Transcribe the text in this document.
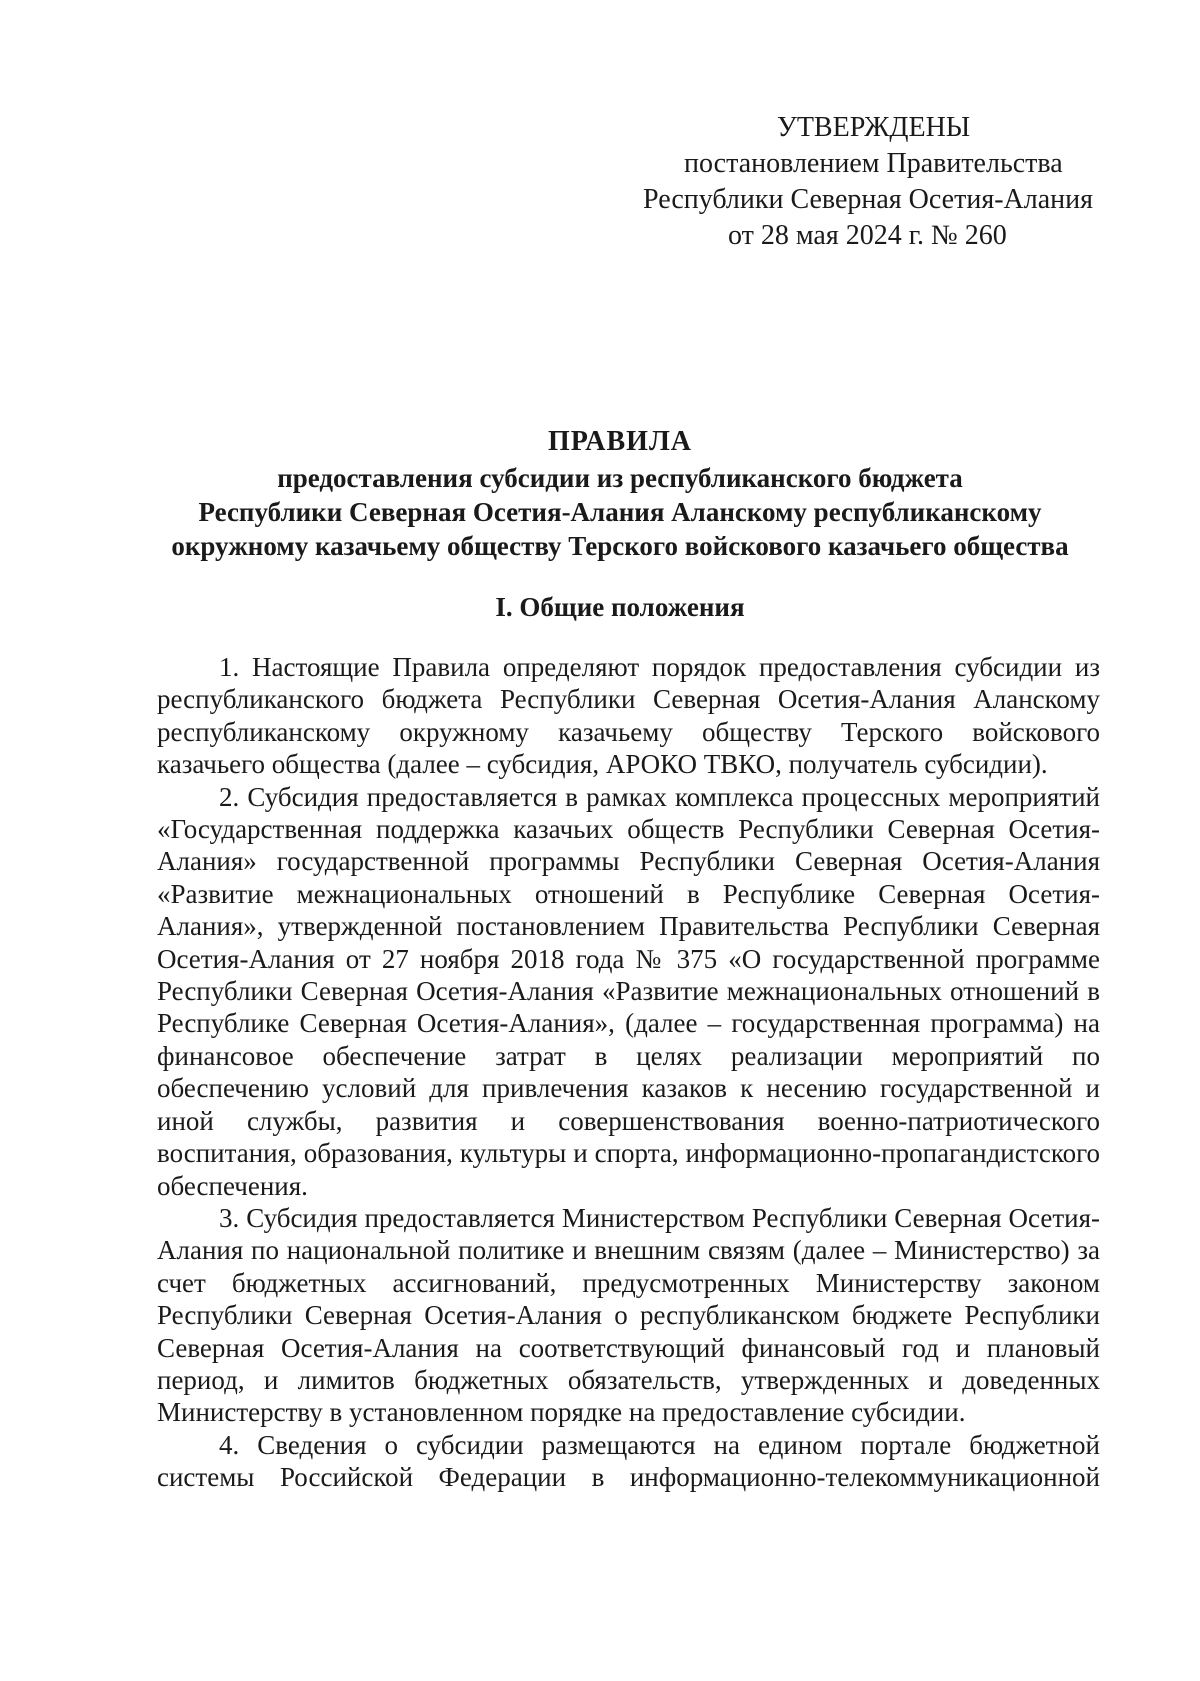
УТВЕРЖДЕНЫ
постановлением Правительства
Республики Северная Осетия-Алания
от 28 мая 2024 г. № 260
ПРАВИЛА
предоставления субсидии из республиканского бюджета
Республики Северная Осетия-Алания Аланскому республиканскому
окружному казачьему обществу Терского войскового казачьего общества
I. Общие положения

1. Настоящие Правила определяют порядок предоставления субсидии из республиканского бюджета Республики Северная Осетия-Алания Аланскому республиканскому окружному казачьему обществу Терского войскового казачьего общества (далее – субсидия, АРОКО ТВКО, получатель субсидии).

2. Субсидия предоставляется в рамках комплекса процессных мероприятий «Государственная поддержка казачьих обществ Республики Северная Осетия-Алания» государственной программы Республики Северная Осетия-Алания «Развитие межнациональных отношений в Республике Северная Осетия-Алания», утвержденной постановлением Правительства Республики Северная Осетия-Алания от 27 ноября 2018 года № 375 «О государственной программе Республики Северная Осетия-Алания «Развитие межнациональных отношений в Республике Северная Осетия-Алания», (далее – государственная программа) на финансовое обеспечение затрат в целях реализации мероприятий по обеспечению условий для привлечения казаков к несению государственной и иной службы, развития и совершенствования военно-патриотического воспитания, образования, культуры и спорта, информационно-пропагандистского обеспечения.

3. Субсидия предоставляется Министерством Республики Северная Осетия-Алания по национальной политике и внешним связям (далее – Министерство) за счет бюджетных ассигнований, предусмотренных Министерству законом Республики Северная Осетия-Алания о республиканском бюджете Республики Северная Осетия-Алания на соответствующий финансовый год и плановый период, и лимитов бюджетных обязательств, утвержденных и доведенных Министерству в установленном порядке на предоставление субсидии.

4. Сведения о субсидии размещаются на едином портале бюджетной системы Российской Федерации в информационно-телекоммуникационной
